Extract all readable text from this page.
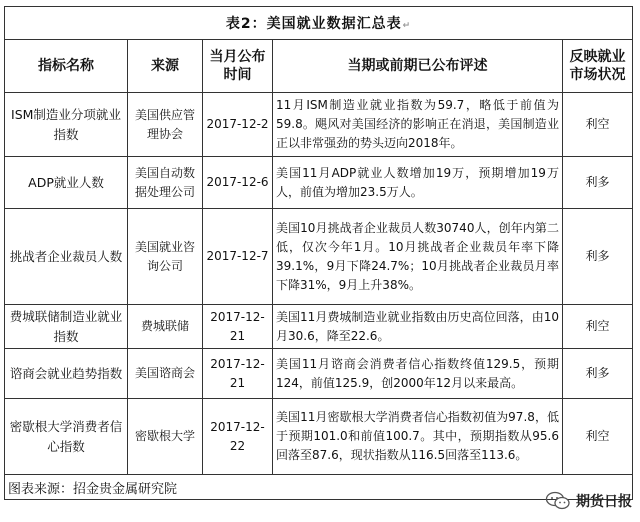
表2：美国就业数据汇总表↵				
指标名称	来源	当月公布时间	当期或前期已公布评述	反映就业市场状况
ISM制造业分项就业指数	美国供应管理协会	2017-12-2	11月ISM制造业就业指数为59.7，略低于前值为59.8。飓风对美国经济的影响正在消退，美国制造业正以非常强劲的势头迈向2018年。	利空
ADP就业人数	美国自动数据处理公司	2017-12-6	美国11月ADP就业人数增加19万，预期增加19万人，前值为增加23.5万人。	利多
挑战者企业裁员人数	美国就业咨询公司	2017-12-7	美国10月挑战者企业裁员人数30740人，创年内第二低，仅次今年1月。10月挑战者企业裁员年率下降39.1%，9月下降24.7%；10月挑战者企业裁员月率下降31%，9月上升38%。	利多
费城联储制造业就业指数	费城联储	2017-12-21	美国11月费城制造业就业指数由历史高位回落，由10月30.6，降至22.6。	利空
谘商会就业趋势指数	美国谘商会	2017-12-21	美国11月谘商会消费者信心指数终值129.5，预期124，前值125.9，创2000年12月以来最高。	利多
密歇根大学消费者信心指数	密歇根大学	2017-12-22	美国11月密歇根大学消费者信心指数初值为97.8，低于预期101.0和前值100.7。其中，预期指数从95.6回落至87.6，现状指数从116.5回落至113.6。	利空
图表来源：招金贵金属研究院				
期货日报
